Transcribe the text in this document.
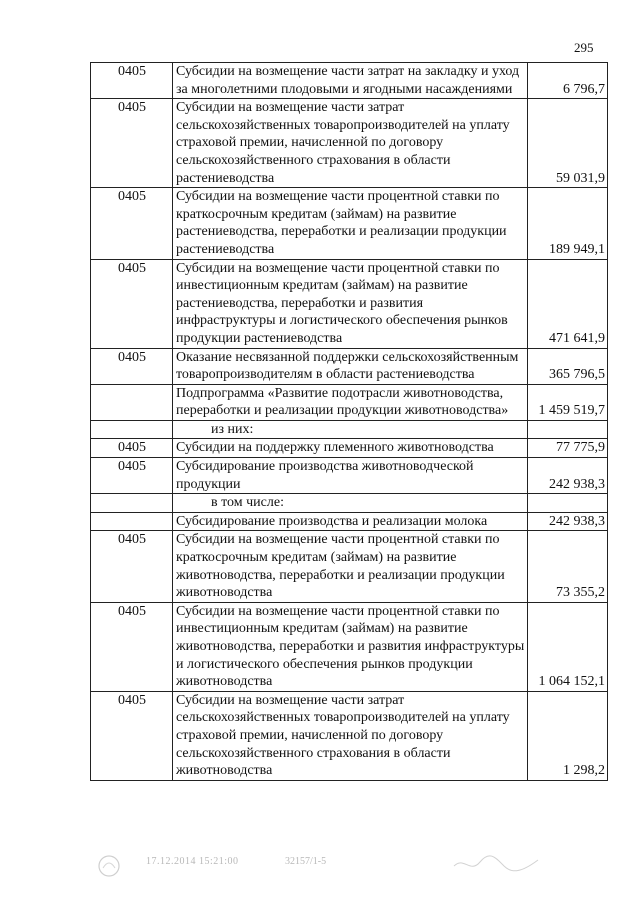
295
0405	Субсидии на возмещение части затрат на закладку и уход за многолетними плодовыми и ягодными насаждениями	6 796,7
0405	Субсидии на возмещение части затрат сельскохозяйственных товаропроизводителей на уплату страховой премии, начисленной по договору сельскохозяйственного страхования в области растениеводства	59 031,9
0405	Субсидии на возмещение части процентной ставки по краткосрочным кредитам (займам) на развитие растениеводства, переработки и реализации продукции растениеводства	189 949,1
0405	Субсидии на возмещение части процентной ставки по инвестиционным кредитам (займам) на развитие растениеводства, переработки и развития инфраструктуры и логистического обеспечения рынков продукции растениеводства	471 641,9
0405	Оказание несвязанной поддержки сельскохозяйственным товаропроизводителям в области растениеводства	365 796,5
	Подпрограмма «Развитие подотрасли животноводства, переработки и реализации продукции животноводства»	1 459 519,7
	из них:	
0405	Субсидии на поддержку племенного животноводства	77 775,9
0405	Субсидирование производства животноводческой продукции	242 938,3
	в том числе:	
	Субсидирование производства и реализации молока	242 938,3
0405	Субсидии на возмещение части процентной ставки по краткосрочным кредитам (займам) на развитие животноводства, переработки и реализации продукции животноводства	73 355,2
0405	Субсидии на возмещение части процентной ставки по инвестиционным кредитам (займам) на развитие животноводства, переработки и развития инфраструктуры и логистического обеспечения рынков продукции животноводства	1 064 152,1
0405	Субсидии на возмещение части затрат сельскохозяйственных товаропроизводителей на уплату страховой премии, начисленной по договору сельскохозяйственного страхования в области животноводства	1 298,2
17.12.2014 15:21:00	32157/1-5
